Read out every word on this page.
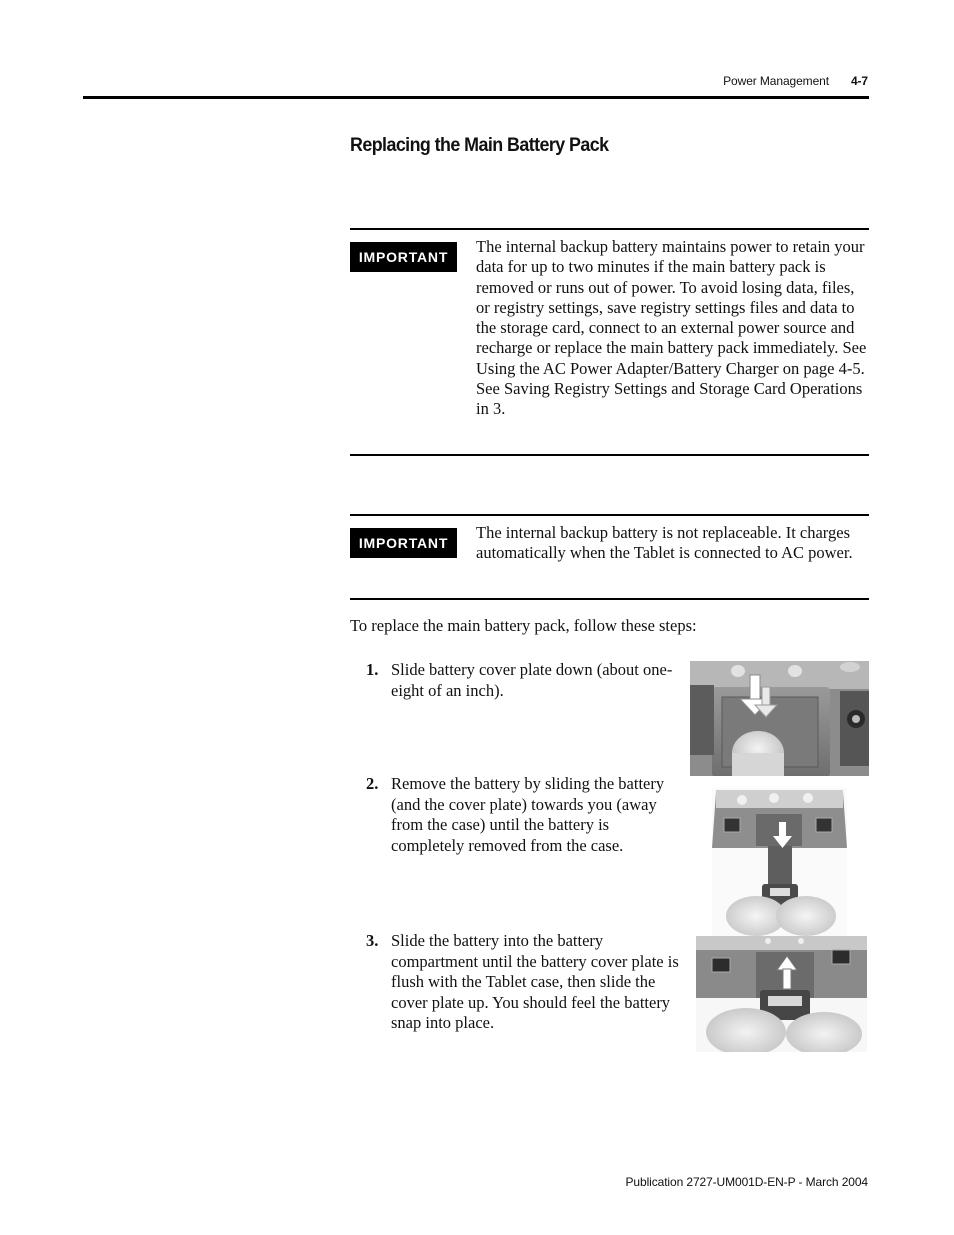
Power Management 4-7
Replacing the Main Battery Pack
IMPORTANT
The internal backup battery maintains power to retain your data for up to two minutes if the main battery pack is removed or runs out of power. To avoid losing data, files, or registry settings, save registry settings files and data to the storage card, connect to an external power source and recharge or replace the main battery pack immediately. See Using the AC Power Adapter/Battery Charger on page 4-5. See Saving Registry Settings and Storage Card Operations in 3.
IMPORTANT
The internal backup battery is not replaceable. It charges automatically when the Tablet is connected to AC power.
To replace the main battery pack, follow these steps:
1. Slide battery cover plate down (about one-eight of an inch).
2. Remove the battery by sliding the battery (and the cover plate) towards you (away from the case) until the battery is completely removed from the case.
3. Slide the battery into the battery compartment until the battery cover plate is flush with the Tablet case, then slide the cover plate up. You should feel the battery snap into place.
Publication 2727-UM001D-EN-P - March 2004
